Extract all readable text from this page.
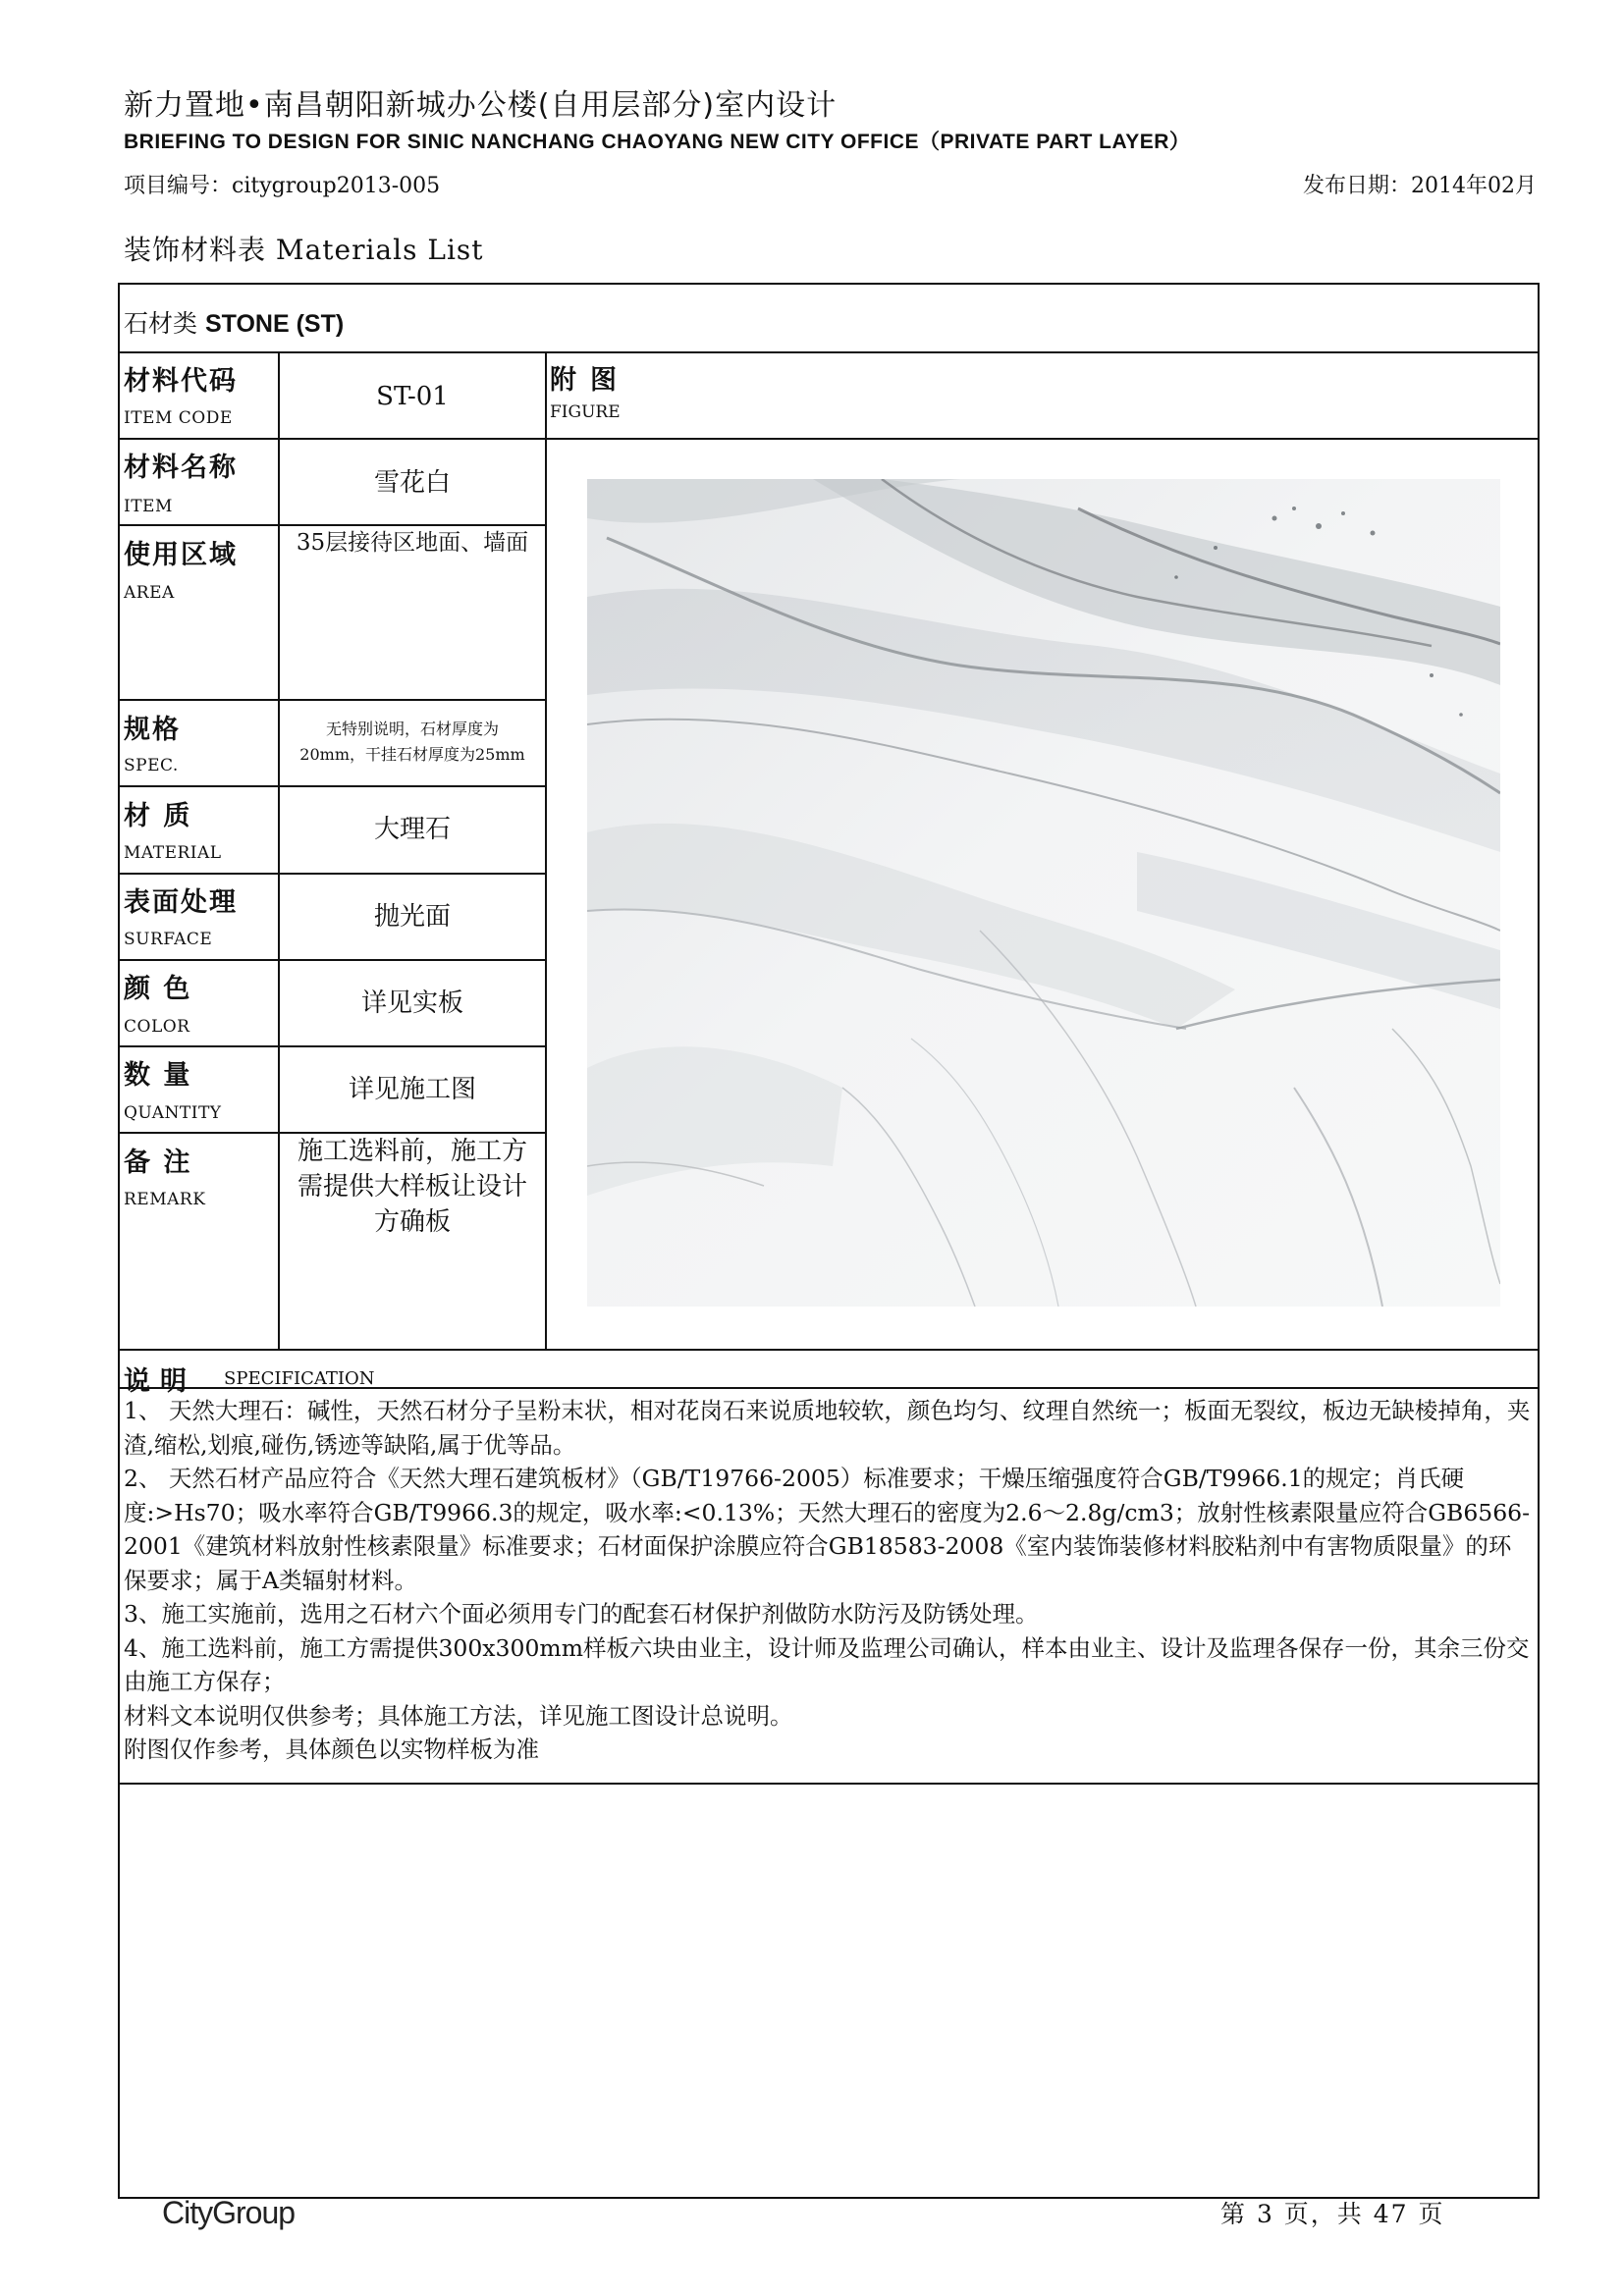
新力置地•南昌朝阳新城办公楼(自用层部分)室内设计
BRIEFING TO DESIGN FOR SINIC NANCHANG CHAOYANG NEW CITY OFFICE（PRIVATE PART LAYER）
项目编号：citygroup2013-005	发布日期：2014年02月
装饰材料表 Materials List
石材类 STONE (ST)
材料代码
ITEM CODE
材料名称
ITEM
使用区域
AREA
规格
SPEC.
材 质
MATERIAL
表面处理
SURFACE
颜 色
COLOR
数 量
QUANTITY
备 注
REMARK
ST-01
雪花白
35层接待区地面、墙面
无特别说明，石材厚度为20mm，干挂石材厚度为25mm
大理石
抛光面
详见实板
详见施工图
施工选料前，施工方需提供大样板让设计方确板
附图
FIGURE
说明 SPECIFICATION

1、 天然大理石：碱性，天然石材分子呈粉末状，相对花岗石来说质地较软，颜色均匀、纹理自然统一；板面无裂纹，板边无缺棱掉角，夹渣,缩松,划痕,碰伤,锈迹等缺陷,属于优等品。

2、 天然石材产品应符合《天然大理石建筑板材》（GB/T19766-2005）标准要求；干燥压缩强度符合GB/T9966.1的规定；肖氏硬度:>Hs70；吸水率符合GB/T9966.3的规定，吸水率:<0.13%；天然大理石的密度为2.6～2.8g/cm3；放射性核素限量应符合GB6566-2001《建筑材料放射性核素限量》标准要求；石材面保护涂膜应符合GB18583-2008《室内装饰装修材料胶粘剂中有害物质限量》的环保要求；属于A类辐射材料。

3、施工实施前，选用之石材六个面必须用专门的配套石材保护剂做防水防污及防锈处理。

4、施工选料前，施工方需提供300x300mm样板六块由业主，设计师及监理公司确认，样本由业主、设计及监理各保存一份，其余三份交由施工方保存；

材料文本说明仅供参考；具体施工方法，详见施工图设计总说明。

附图仅作参考，具体颜色以实物样板为准

CityGroup	第 3 页，共 47 页
